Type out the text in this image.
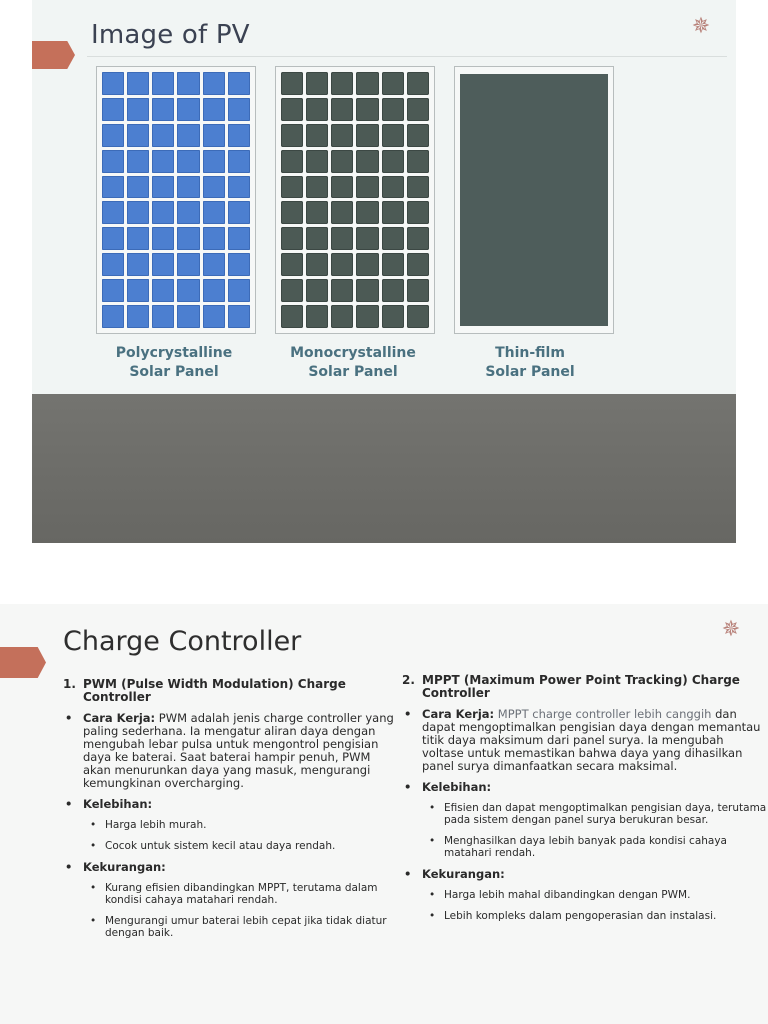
Image of PV	✵
Polycrystalline
Solar Panel
Monocrystalline
Solar Panel
Thin-film
Solar Panel
✵
Charge Controller
1. PWM (Pulse Width Modulation) Charge
Controller
• Cara Kerja: PWM adalah jenis charge controller yang paling sederhana. Ia mengatur aliran daya dengan mengubah lebar pulsa untuk mengontrol pengisian daya ke baterai. Saat baterai hampir penuh, PWM akan menurunkan daya yang masuk, mengurangi kemungkinan overcharging.
• Kelebihan:
• Harga lebih murah.
• Cocok untuk sistem kecil atau daya rendah.
• Kekurangan:
• Kurang efisien dibandingkan MPPT, terutama dalam kondisi cahaya matahari rendah.
• Mengurangi umur baterai lebih cepat jika tidak diatur dengan baik.
2. MPPT (Maximum Power Point Tracking) Charge
Controller
• Cara Kerja: MPPT charge controller lebih canggih dan dapat mengoptimalkan pengisian daya dengan memantau titik daya maksimum dari panel surya. Ia mengubah voltase untuk memastikan bahwa daya yang dihasilkan panel surya dimanfaatkan secara maksimal.
• Kelebihan:
• Efisien dan dapat mengoptimalkan pengisian daya, terutama pada sistem dengan panel surya berukuran besar.
• Menghasilkan daya lebih banyak pada kondisi cahaya matahari rendah.
• Kekurangan:
• Harga lebih mahal dibandingkan dengan PWM.
• Lebih kompleks dalam pengoperasian dan instalasi.
